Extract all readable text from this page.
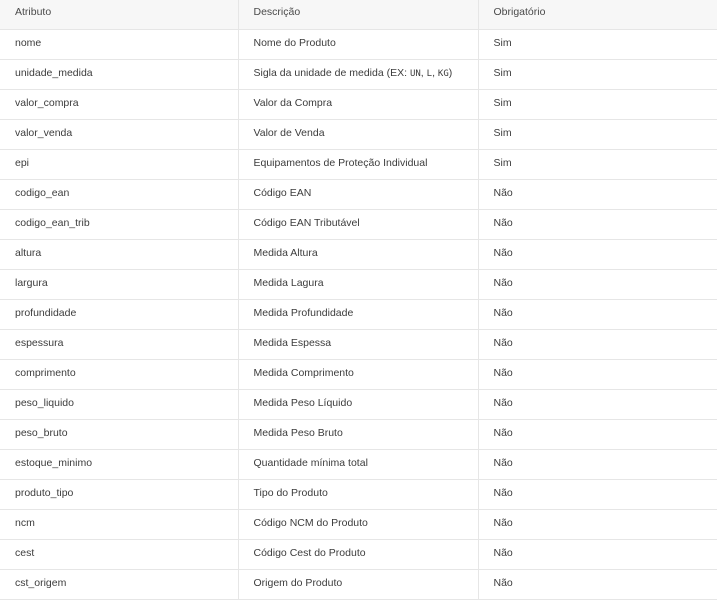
Atributo	Descrição	Obrigatório
nome	Nome do Produto	Sim
unidade_medida	Sigla da unidade de medida (EX: UN, L, KG)	Sim
valor_compra	Valor da Compra	Sim
valor_venda	Valor de Venda	Sim
epi	Equipamentos de Proteção Individual	Sim
codigo_ean	Código EAN	Não
codigo_ean_trib	Código EAN Tributável	Não
altura	Medida Altura	Não
largura	Medida Lagura	Não
profundidade	Medida Profundidade	Não
espessura	Medida Espessa	Não
comprimento	Medida Comprimento	Não
peso_liquido	Medida Peso Líquido	Não
peso_bruto	Medida Peso Bruto	Não
estoque_minimo	Quantidade mínima total	Não
produto_tipo	Tipo do Produto	Não
ncm	Código NCM do Produto	Não
cest	Código Cest do Produto	Não
cst_origem	Origem do Produto	Não
